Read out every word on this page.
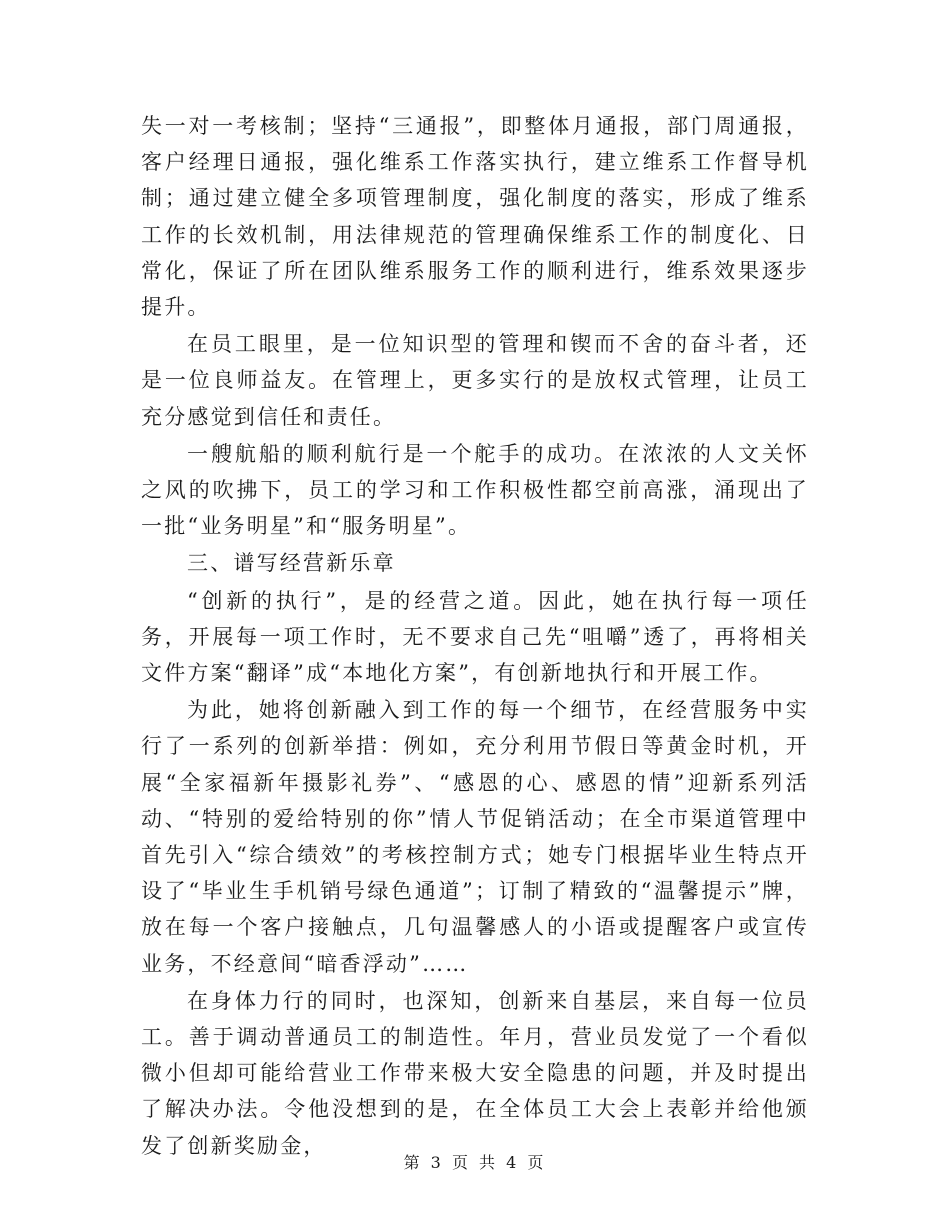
失一对一考核制；坚持“三通报”，即整体月通报，部门周通报，客户经理日通报，强化维系工作落实执行，建立维系工作督导机制；通过建立健全多项管理制度，强化制度的落实，形成了维系工作的长效机制，用法律规范的管理确保维系工作的制度化、日常化，保证了所在团队维系服务工作的顺利进行，维系效果逐步提升。

在员工眼里，是一位知识型的管理和锲而不舍的奋斗者，还是一位良师益友。在管理上，更多实行的是放权式管理，让员工充分感觉到信任和责任。

一艘航船的顺利航行是一个舵手的成功。在浓浓的人文关怀之风的吹拂下，员工的学习和工作积极性都空前高涨，涌现出了一批“业务明星”和“服务明星”。

三、谱写经营新乐章

“创新的执行”，是的经营之道。因此，她在执行每一项任务，开展每一项工作时，无不要求自己先“咀嚼”透了，再将相关文件方案“翻译”成“本地化方案”，有创新地执行和开展工作。

为此，她将创新融入到工作的每一个细节，在经营服务中实行了一系列的创新举措：例如，充分利用节假日等黄金时机，开展“全家福新年摄影礼券”、“感恩的心、感恩的情”迎新系列活动、“特别的爱给特别的你”情人节促销活动；在全市渠道管理中首先引入“综合绩效”的考核控制方式；她专门根据毕业生特点开设了“毕业生手机销号绿色通道”；订制了精致的“温馨提示”牌，放在每一个客户接触点，几句温馨感人的小语或提醒客户或宣传业务，不经意间“暗香浮动”……

在身体力行的同时，也深知，创新来自基层，来自每一位员工。善于调动普通员工的制造性。年月，营业员发觉了一个看似微小但却可能给营业工作带来极大安全隐患的问题，并及时提出了解决办法。令他没想到的是，在全体员工大会上表彰并给他颁发了创新奖励金，

第 3 页 共 4 页
